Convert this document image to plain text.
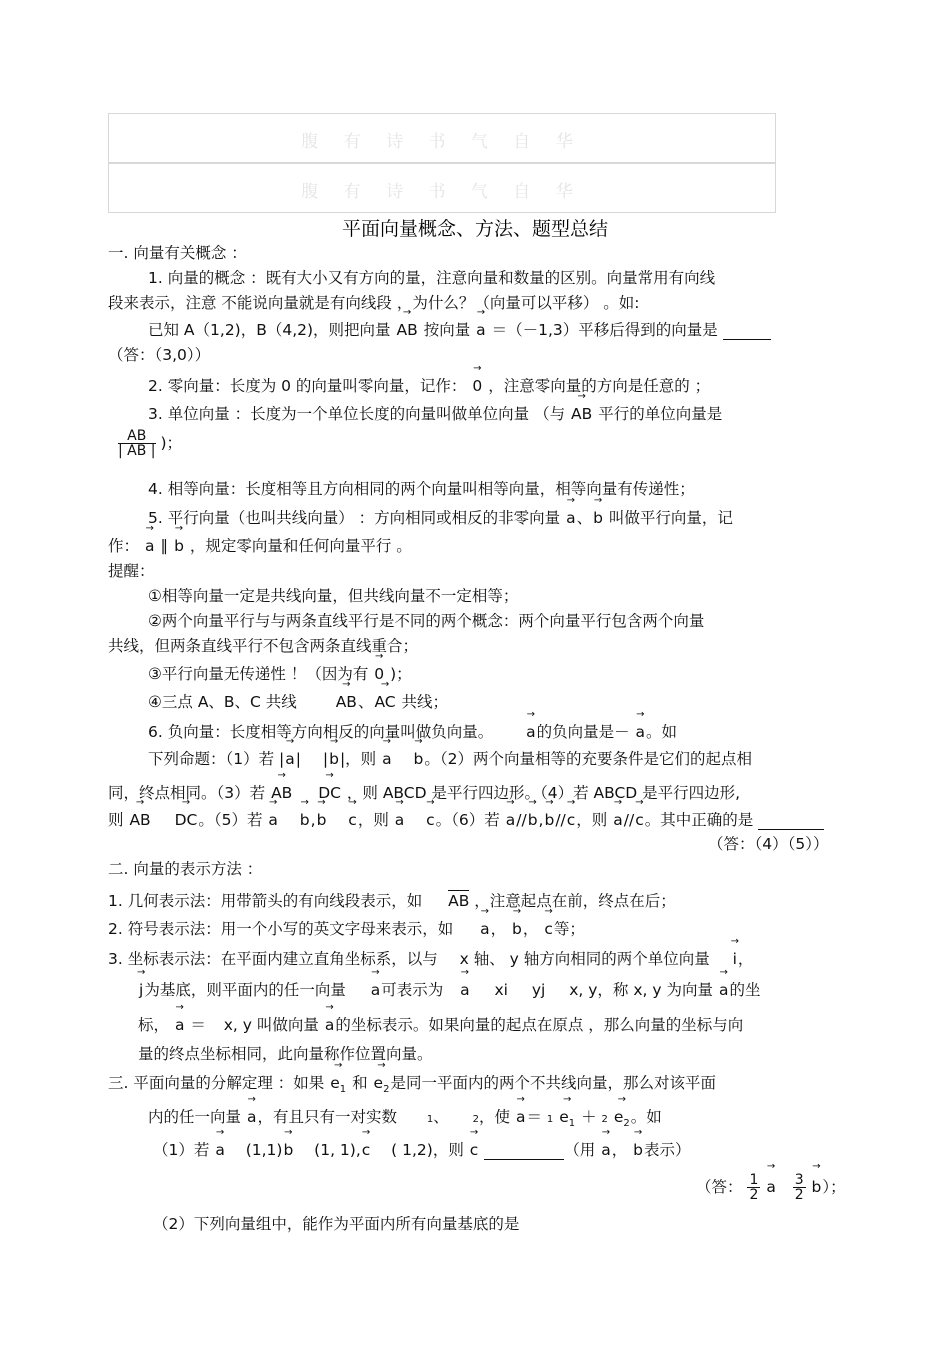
腹 有 诗 书 气 自 华
腹 有 诗 书 气 自 华
平面向量概念、方法、题型总结
一. 向量有关概念 ：
1. 向量的概念 ：既有大小又有方向的量，注意向量和数量的区别。向量常用有向线
段来表示，注意 不能说向量就是有向线段 ，为什么？（向量可以平移） 。如:
已知 A（1,2)，B（4,2)，则把向量 → AB 按向量 → a ＝（－1,3）平移后得到的向量是
（答：（3,0））
2. 零向量：长度为 0 的向量叫零向量，记作： → 0 ，注意零向量的方向是任意的 ；
3. 单位向量 ：长度为一个单位长度的向量叫做单位向量 （与 → AB 平行的单位向量是
$\frac{AB}{| AB |}$ )；
4. 相等向量：长度相等且方向相同的两个向量叫相等向量，相等向量有传递性；
5. 平行向量（也叫共线向量） ：方向相同或相反的非零向量 → a、→ b 叫做平行向量，记
作： → a ∥ → b ，规定零向量和任何向量平行 。
提醒：
①相等向量一定是共线向量，但共线向量不一定相等；
②两个向量平行与与两条直线平行是不同的两个概念：两个向量平行包含两个向量
共线，但两条直线平行不包含两条直线重合；
③平行向量无传递性 ！（因为有 → 0 )；
④三点 A、B、C 共线  →	AB、→ AC 共线；
6. 负向量：长度相等方向相反的向量叫做负向量。  → a的负向量是－ → a。如
下列命题：（1）若 |→ a|  |→ b|，则 → a  → b。（2）两个向量相等的充要条件是它们的起点相
同，终点相同。（3）若 → AB  → DC ，则 ABCD 是平行四边形。（4）若 ABCD 是平行四边形,
则 → AB  → DC。（5）若 → a  → b,→ b  → c，则 → a  → c。（6）若 → a//→ b,→ b//→ c，则 → a//→ c。其中正确的是
（答：（4）（5））
二. 向量的表示方法 ：
1. 几何表示法：用带箭头的有向线段表示，如 AB ，注意起点在前，终点在后；
2. 符号表示法：用一个小写的英文字母来表示，如  → a， → b， → c等；
3. 坐标表示法：在平面内建立直角坐标系，以与 x 轴、 y 轴方向相同的两个单位向量  → i，
→ j为基底，则平面内的任一向量  → a可表示为  → a xi yj x, y，称 x, y 为向量 → a的坐
标， → a ＝  x, y 叫做向量 → a的坐标表示。如果向量的起点在原点 ，那么向量的坐标与向
量的终点坐标相同，此向量称作位置向量。
三. 平面向量的分解定理 ：如果 → $e_1$ 和 → $e_2$是同一平面内的两个不共线向量，那么对该平面
内的任一向量 → a，有且只有一对实数	1、 2，使 → $a= 1 \to e_1 + 2 \to e_2$。如
（1）若 → a (1,1)→ b (1, 1),→ c ( 1,2)，则 → c	（用 → a， → b表示）
（答： $\frac{1}{2}$
→ a $\frac{3}{2}$
→ b）；
（2）下列向量组中，能作为平面内所有向量基底的是
